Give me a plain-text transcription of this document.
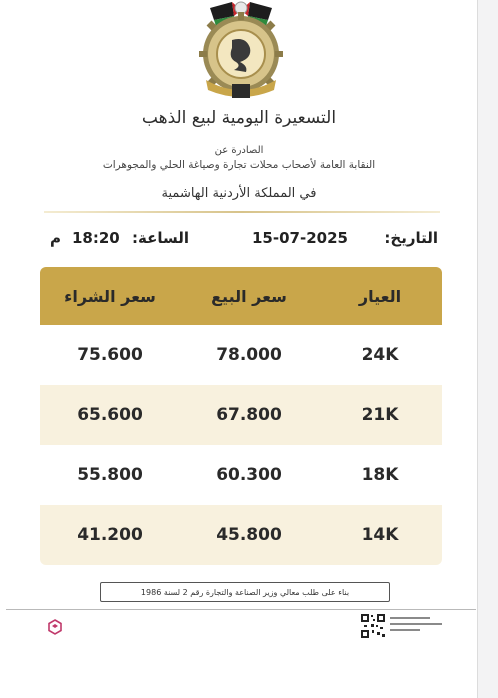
التسعيرة اليومية لبيع الذهب
الصادرة عن
النقابة العامة لأصحاب محلات تجارة وصياغة الحلي والمجوهرات
في المملكة الأردنية الهاشمية
التاريخ:
15-07-2025
الساعة:
18:20
م
سعر الشراء	سعر البيع	العيار
75.600	78.000	24K
65.600	67.800	21K
55.800	60.300	18K
41.200	45.800	14K
بناء على طلب معالي وزير الصناعة والتجارة رقم 2 لسنة 1986
